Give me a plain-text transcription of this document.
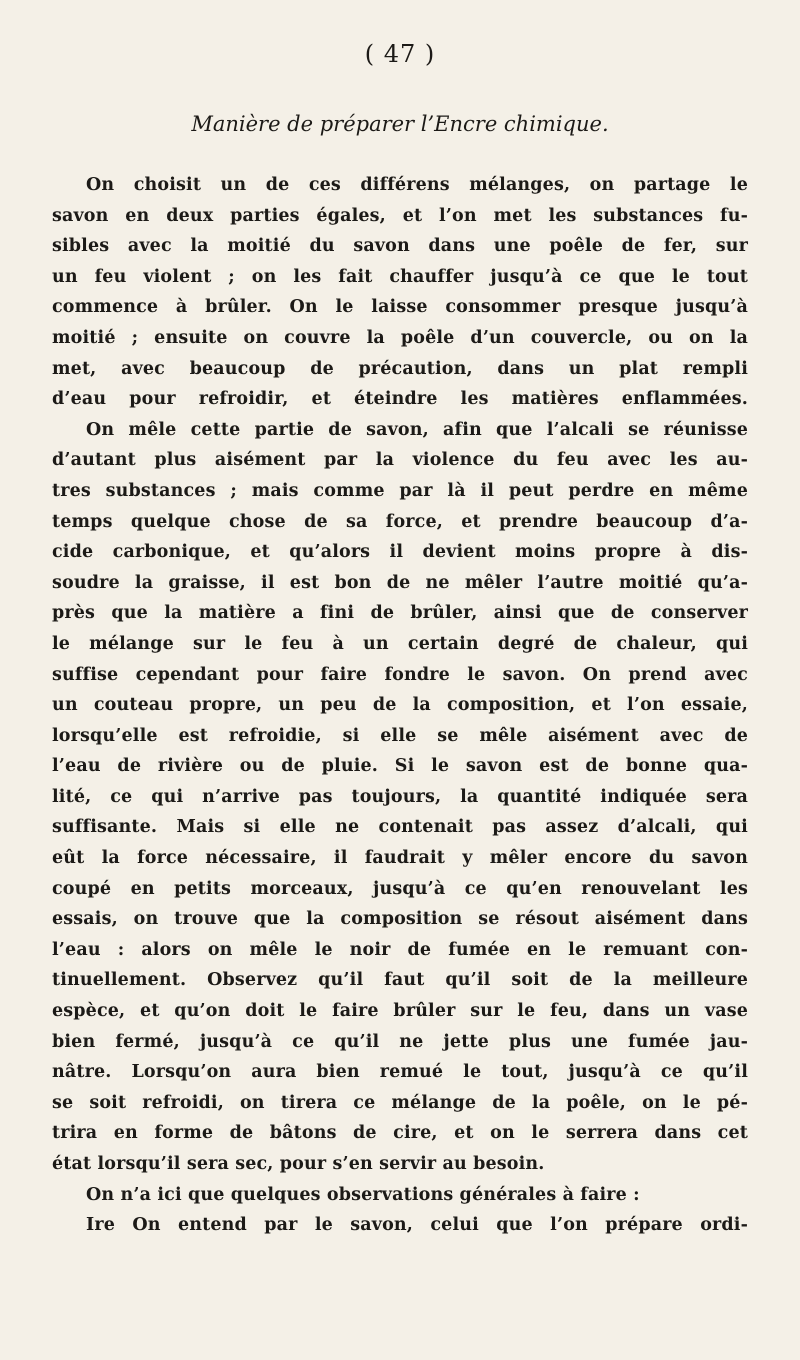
( 47 )
Manière de préparer l’Encre chimique.
On choisit un de ces différens mélanges, on partage le
savon en deux parties égales, et l’on met les substances fu-
sibles avec la moitié du savon dans une poêle de fer, sur
un feu violent ; on les fait chauffer jusqu’à ce que le tout
commence à brûler. On le laisse consommer presque jusqu’à
moitié ; ensuite on couvre la poêle d’un couvercle, ou on la
met, avec beaucoup de précaution, dans un plat rempli
d’eau pour refroidir, et éteindre les matières enflammées.
On mêle cette partie de savon, afin que l’alcali se réunisse
d’autant plus aisément par la violence du feu avec les au-
tres substances ; mais comme par là il peut perdre en même
temps quelque chose de sa force, et prendre beaucoup d’a-
cide carbonique, et qu’alors il devient moins propre à dis-
soudre la graisse, il est bon de ne mêler l’autre moitié qu’a-
près que la matière a fini de brûler, ainsi que de conserver
le mélange sur le feu à un certain degré de chaleur, qui
suffise cependant pour faire fondre le savon. On prend avec
un couteau propre, un peu de la composition, et l’on essaie,
lorsqu’elle est refroidie, si elle se mêle aisément avec de
l’eau de rivière ou de pluie. Si le savon est de bonne qua-
lité, ce qui n’arrive pas toujours, la quantité indiquée sera
suffisante. Mais si elle ne contenait pas assez d’alcali, qui
eût la force nécessaire, il faudrait y mêler encore du savon
coupé en petits morceaux, jusqu’à ce qu’en renouvelant les
essais, on trouve que la composition se résout aisément dans
l’eau : alors on mêle le noir de fumée en le remuant con-
tinuellement. Observez qu’il faut qu’il soit de la meilleure
espèce, et qu’on doit le faire brûler sur le feu, dans un vase
bien fermé, jusqu’à ce qu’il ne jette plus une fumée jau-
nâtre. Lorsqu’on aura bien remué le tout, jusqu’à ce qu’il
se soit refroidi, on tirera ce mélange de la poêle, on le pé-
trira en forme de bâtons de cire, et on le serrera dans cet
état lorsqu’il sera sec, pour s’en servir au besoin.
On n’a ici que quelques observations générales à faire :
Ire On entend par le savon, celui que l’on prépare ordi-
